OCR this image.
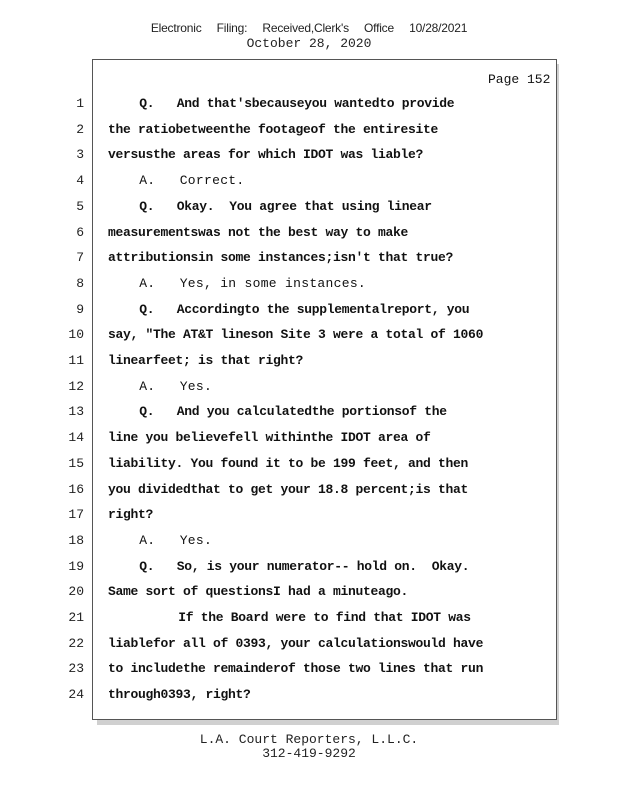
Electronic Filing: Received,Clerk's Office 10/28/2021
October 28, 2020
Page 152
1	Q.   And that'sbecauseyou wantedto provide
2 the ratiobetweenthe footageof the entiresite
3 versusthe areas for which IDOT was liable?
4	A.   Correct.
5	Q.   Okay.  You agree that using linear
6 measurementswas not the best way to make
7 attributionsin some instances;isn't that true?
8	A.   Yes, in some instances.
9	Q.   Accordingto the supplementalreport, you
10 say, "The AT&T lineson Site 3 were a total of 1060
11 linearfeet; is that right?
12	A.   Yes.
13	Q.   And you calculatedthe portionsof the
14 line you believefell withinthe IDOT area of
15 liability. You found it to be 199 feet, and then
16 you dividedthat to get your 18.8 percent;is that
17 right?
18	A.   Yes.
19	Q.   So, is your numerator-- hold on.  Okay.
20 Same sort of questionsI had a minuteago.
21	If the Board were to find that IDOT was
22 liablefor all of 0393, your calculationswould have
23 to includethe remainderof those two lines that run
24 through0393, right?
L.A. Court Reporters, L.L.C.
312-419-9292
